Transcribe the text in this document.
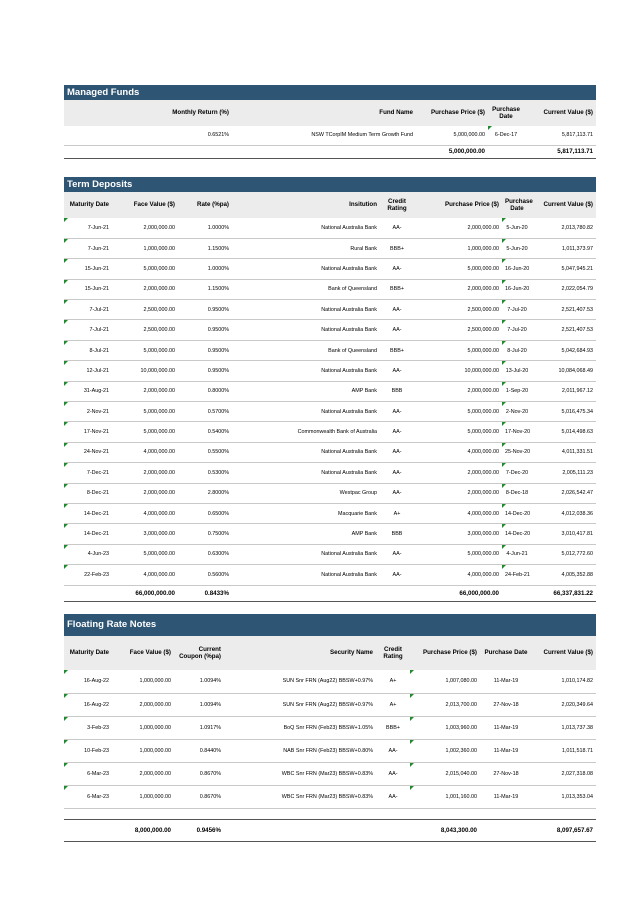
Managed Funds
Monthly Return (%)	Fund Name	Purchase Price ($)	Purchase Date	Current Value ($)
0.6521%	NSW TCorpIM Medium Term Growth Fund	5,000,000.00	6-Dec-17	5,817,113.71
		5,000,000.00		5,817,113.71
Term Deposits
Maturity Date	Face Value ($)	Rate (%pa)	Insitution	Credit Rating	Purchase Price ($)	Purchase Date	Current Value ($)
7-Jun-21	2,000,000.00	1.0000%	National Australia Bank	AA-	2,000,000.00	5-Jun-20	2,013,780.82
7-Jun-21	1,000,000.00	1.1500%	Rural Bank	BBB+	1,000,000.00	5-Jun-20	1,011,373.97
15-Jun-21	5,000,000.00	1.0000%	National Australia Bank	AA-	5,000,000.00	16-Jun-20	5,047,945.21
15-Jun-21	2,000,000.00	1.1500%	Bank of Queensland	BBB+	2,000,000.00	16-Jun-20	2,022,054.79
7-Jul-21	2,500,000.00	0.9500%	National Australia Bank	AA-	2,500,000.00	7-Jul-20	2,521,407.53
7-Jul-21	2,500,000.00	0.9500%	National Australia Bank	AA-	2,500,000.00	7-Jul-20	2,521,407.53
8-Jul-21	5,000,000.00	0.9500%	Bank of Queensland	BBB+	5,000,000.00	8-Jul-20	5,042,684.93
12-Jul-21	10,000,000.00	0.9500%	National Australia Bank	AA-	10,000,000.00	13-Jul-20	10,084,068.49
31-Aug-21	2,000,000.00	0.8000%	AMP Bank	BBB	2,000,000.00	1-Sep-20	2,011,967.12
2-Nov-21	5,000,000.00	0.5700%	National Australia Bank	AA-	5,000,000.00	2-Nov-20	5,016,475.34
17-Nov-21	5,000,000.00	0.5400%	Commonwealth Bank of Australia	AA-	5,000,000.00	17-Nov-20	5,014,498.63
24-Nov-21	4,000,000.00	0.5500%	National Australia Bank	AA-	4,000,000.00	25-Nov-20	4,011,331.51
7-Dec-21	2,000,000.00	0.5300%	National Australia Bank	AA-	2,000,000.00	7-Dec-20	2,005,111.23
8-Dec-21	2,000,000.00	2.8000%	Westpac Group	AA-	2,000,000.00	8-Dec-18	2,026,542.47
14-Dec-21	4,000,000.00	0.6500%	Macquarie Bank	A+	4,000,000.00	14-Dec-20	4,012,038.36
14-Dec-21	3,000,000.00	0.7500%	AMP Bank	BBB	3,000,000.00	14-Dec-20	3,010,417.81
4-Jun-23	5,000,000.00	0.6300%	National Australia Bank	AA-	5,000,000.00	4-Jun-21	5,012,772.60
22-Feb-23	4,000,000.00	0.5600%	National Australia Bank	AA-	4,000,000.00	24-Feb-21	4,005,352.88
	66,000,000.00	0.8433%			66,000,000.00		66,337,831.22
Floating Rate Notes
Maturity Date	Face Value ($)	Current Coupon (%pa)	Security Name	Credit Rating	Purchase Price ($)	Purchase Date	Current Value ($)
16-Aug-22	1,000,000.00	1.0094%	SUN Snr FRN (Aug22) BBSW+0.97%	A+	1,007,080.00	11-Mar-19	1,010,174.82
16-Aug-22	2,000,000.00	1.0094%	SUN Snr FRN (Aug22) BBSW+0.97%	A+	2,013,700.00	27-Nov-18	2,020,349.64
3-Feb-23	1,000,000.00	1.0917%	BoQ Snr FRN (Feb23) BBSW+1.05%	BBB+	1,003,960.00	11-Mar-19	1,013,737.38
10-Feb-23	1,000,000.00	0.8440%	NAB Snr FRN (Feb23) BBSW+0.80%	AA-	1,002,360.00	11-Mar-19	1,011,518.71
6-Mar-23	2,000,000.00	0.8670%	WBC Snr FRN (Mar23) BBSW+0.83%	AA-	2,015,040.00	27-Nov-18	2,027,318.08
6-Mar-23	1,000,000.00	0.8670%	WBC Snr FRN (Mar23) BBSW+0.83%	AA-	1,001,160.00	11-Mar-19	1,013,353.04

	8,000,000.00	0.9456%			8,043,300.00		8,097,657.67
